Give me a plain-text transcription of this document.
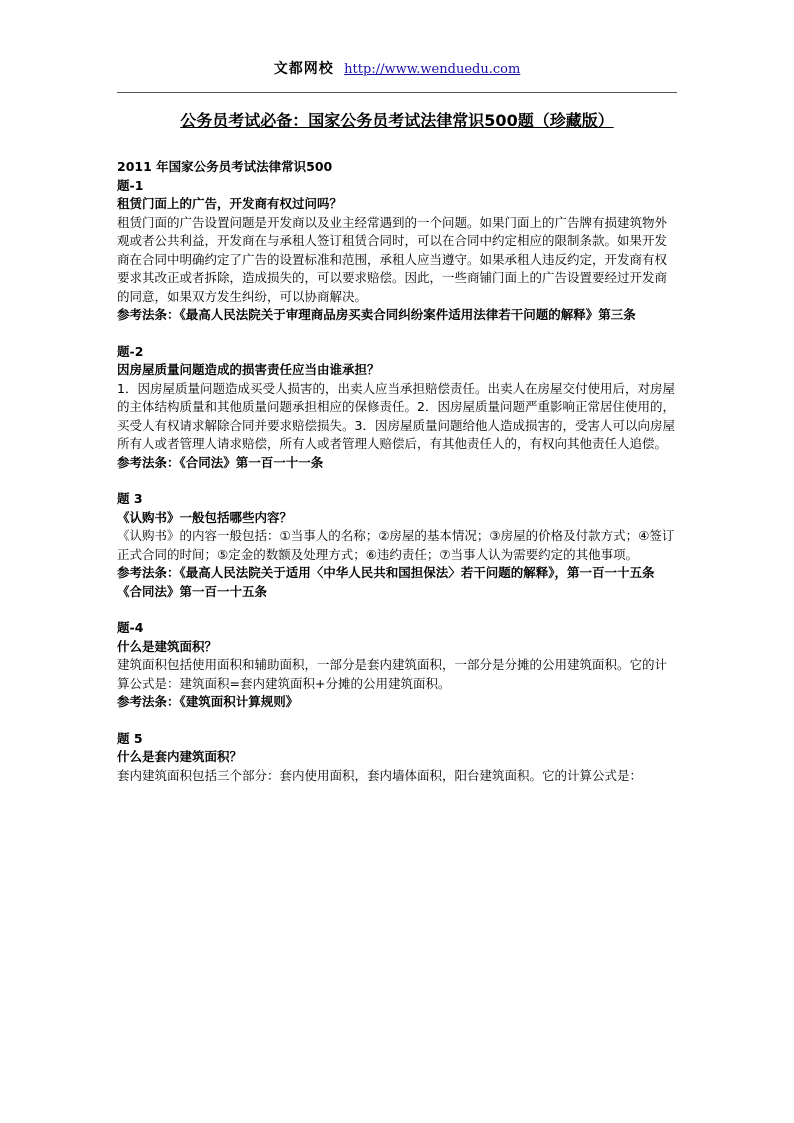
文都网校 http://www.wenduedu.com
公务员考试必备：国家公务员考试法律常识500题（珍藏版）

2011 年国家公务员考试法律常识500

题-1

租赁门面上的广告，开发商有权过问吗？

租赁门面的广告设置问题是开发商以及业主经常遇到的一个问题。如果门面上的广告牌有损建筑物外观或者公共利益，开发商在与承租人签订租赁合同时，可以在合同中约定相应的限制条款。如果开发商在合同中明确约定了广告的设置标准和范围，承租人应当遵守。如果承租人违反约定，开发商有权要求其改正或者拆除，造成损失的，可以要求赔偿。因此，一些商铺门面上的广告设置要经过开发商的同意，如果双方发生纠纷，可以协商解决。

参考法条：《最高人民法院关于审理商品房买卖合同纠纷案件适用法律若干问题的解释》第三条

题-2

因房屋质量问题造成的损害责任应当由谁承担？

1．因房屋质量问题造成买受人损害的，出卖人应当承担赔偿责任。出卖人在房屋交付使用后，对房屋的主体结构质量和其他质量问题承担相应的保修责任。2．因房屋质量问题严重影响正常居住使用的，买受人有权请求解除合同并要求赔偿损失。3．因房屋质量问题给他人造成损害的，受害人可以向房屋所有人或者管理人请求赔偿，所有人或者管理人赔偿后，有其他责任人的，有权向其他责任人追偿。

参考法条：《合同法》第一百一十一条

题 3

《认购书》一般包括哪些内容？

《认购书》的内容一般包括：①当事人的名称；②房屋的基本情况；③房屋的价格及付款方式；④签订正式合同的时间；⑤定金的数额及处理方式；⑥违约责任；⑦当事人认为需要约定的其他事项。

参考法条：《最高人民法院关于适用〈中华人民共和国担保法〉若干问题的解释》，第一百一十五条《合同法》第一百一十五条

题-4

什么是建筑面积？

建筑面积包括使用面积和辅助面积，一部分是套内建筑面积，一部分是分摊的公用建筑面积。它的计算公式是：建筑面积=套内建筑面积+分摊的公用建筑面积。

参考法条：《建筑面积计算规则》

题 5

什么是套内建筑面积？

套内建筑面积包括三个部分：套内使用面积，套内墙体面积，阳台建筑面积。它的计算公式是：
